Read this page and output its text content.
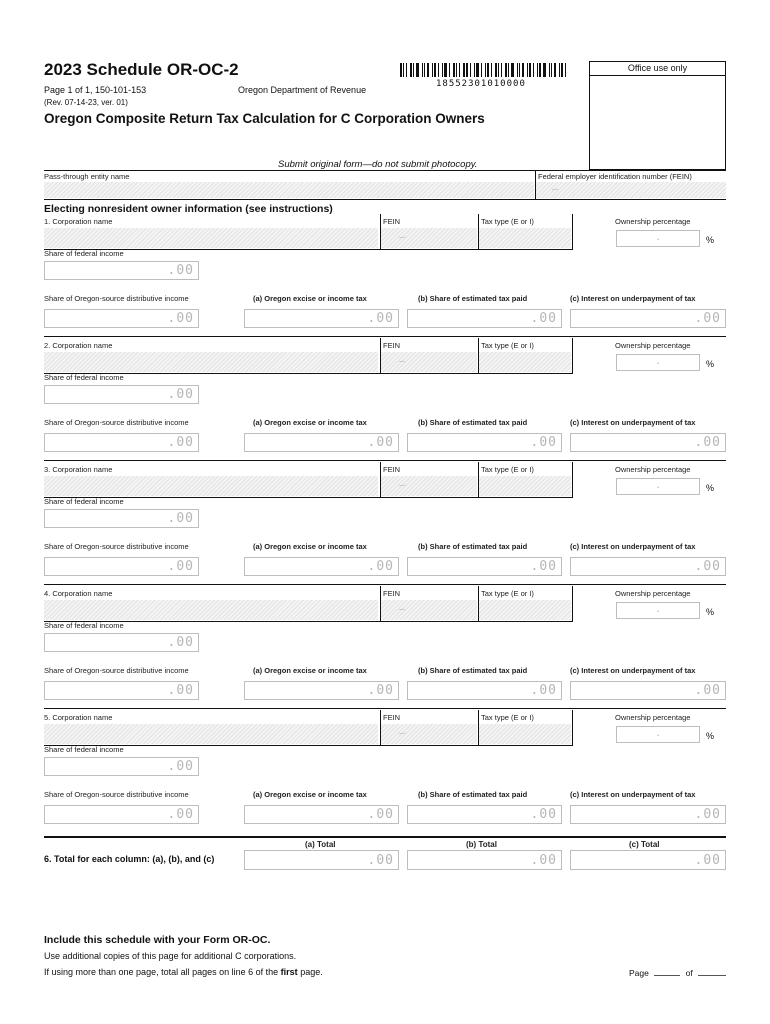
2023 Schedule OR-OC-2
Page 1 of 1, 150-101-153	Oregon Department of Revenue
(Rev. 07-14-23, ver. 01)
18552301010000
Office use only
Oregon Composite Return Tax Calculation for C Corporation Owners
Submit original form—do not submit photocopy.
Pass-through entity name	Federal employer identification number (FEIN)
–
Electing nonresident owner information (see instructions)
1. Corporation name	FEIN
–
Tax type (E or I)	Ownership percentage
.	%
Share of federal income
.00
Share of Oregon-source distributive income	(a) Oregon excise or income tax	(b) Share of estimated tax paid	(c) Interest on underpayment of tax
.00	.00	.00	.00
2. Corporation name	FEIN
–
Tax type (E or I)	Ownership percentage
.	%
Share of federal income
.00
Share of Oregon-source distributive income	(a) Oregon excise or income tax	(b) Share of estimated tax paid	(c) Interest on underpayment of tax
.00	.00	.00	.00
3. Corporation name	FEIN
–
Tax type (E or I)	Ownership percentage
.	%
Share of federal income
.00
Share of Oregon-source distributive income	(a) Oregon excise or income tax	(b) Share of estimated tax paid	(c) Interest on underpayment of tax
.00	.00	.00	.00
4. Corporation name	FEIN
–
Tax type (E or I)	Ownership percentage
.	%
Share of federal income
.00
Share of Oregon-source distributive income	(a) Oregon excise or income tax	(b) Share of estimated tax paid	(c) Interest on underpayment of tax
.00	.00	.00	.00
5. Corporation name	FEIN
–
Tax type (E or I)	Ownership percentage
.	%
Share of federal income
.00
Share of Oregon-source distributive income	(a) Oregon excise or income tax	(b) Share of estimated tax paid	(c) Interest on underpayment of tax
.00	.00	.00	.00
(a) Total	(b) Total	(c) Total
6. Total for each column: (a), (b), and (c)	.00	.00	.00
Include this schedule with your Form OR-OC.
Use additional copies of this page for additional C corporations.
If using more than one page, total all pages on line 6 of the first page.	Page	of
